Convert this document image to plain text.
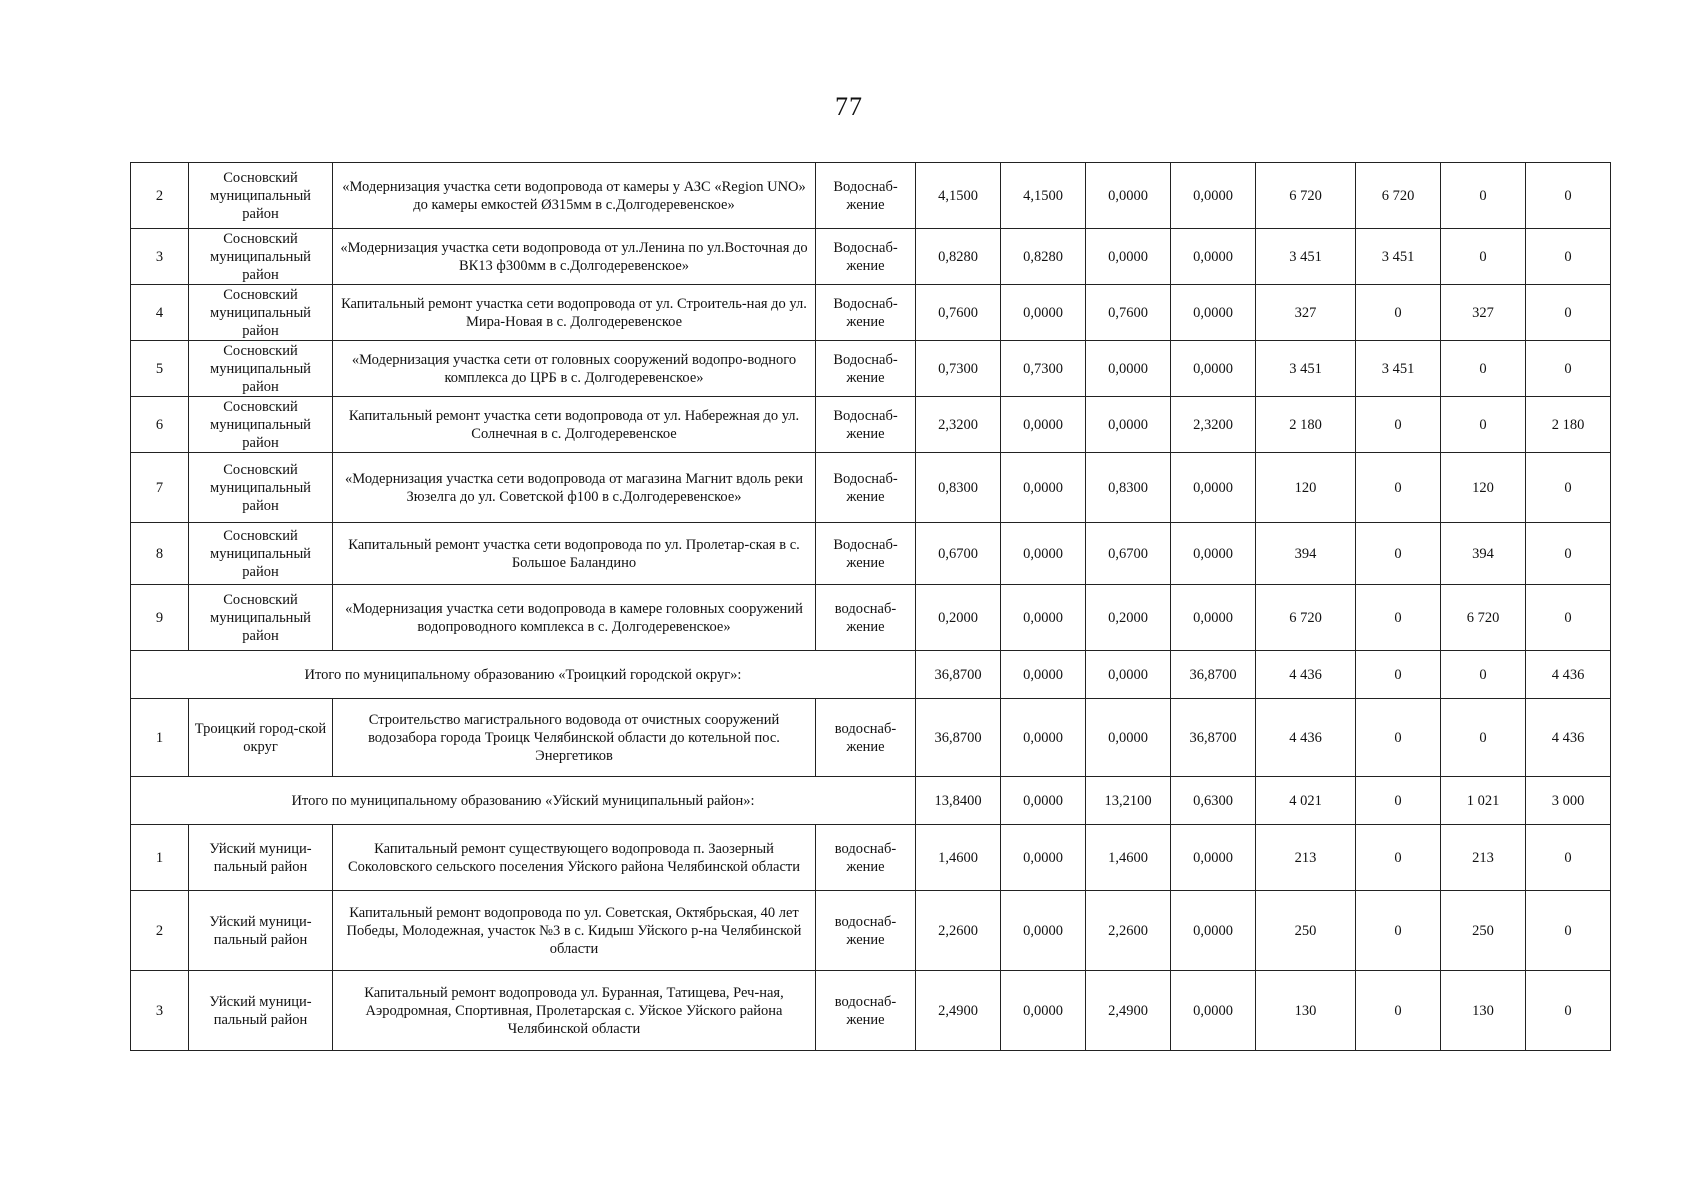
77
2	Сосновский муниципальный район	«Модернизация участка сети водопровода от камеры у АЗС «Region UNO» до камеры емкостей Ø315мм в с.Долгодеревенское»	Водоснаб-жение	4,1500	4,1500	0,0000	0,0000	6 720	6 720	0	0
3	Сосновский муниципальный район	«Модернизация участка сети водопровода от ул.Ленина по ул.Восточная до ВК13 ф300мм в с.Долгодеревенское»	Водоснаб-жение	0,8280	0,8280	0,0000	0,0000	3 451	3 451	0	0
4	Сосновский муниципальный район	Капитальный ремонт участка сети водопровода от ул. Строитель-ная до ул. Мира-Новая в с. Долгодеревенское	Водоснаб-жение	0,7600	0,0000	0,7600	0,0000	327	0	327	0
5	Сосновский муниципальный район	«Модернизация участка сети от головных сооружений водопро-водного комплекса до ЦРБ в с. Долгодеревенское»	Водоснаб-жение	0,7300	0,7300	0,0000	0,0000	3 451	3 451	0	0
6	Сосновский муниципальный район	Капитальный ремонт участка сети водопровода от ул. Набережная до ул. Солнечная в с. Долгодеревенское	Водоснаб-жение	2,3200	0,0000	0,0000	2,3200	2 180	0	0	2 180
7	Сосновский муниципальный район	«Модернизация участка сети водопровода от магазина Магнит вдоль реки Зюзелга до ул. Советской ф100 в с.Долгодеревенское»	Водоснаб-жение	0,8300	0,0000	0,8300	0,0000	120	0	120	0
8	Сосновский муниципальный район	Капитальный ремонт участка сети водопровода по ул. Пролетар-ская в с. Большое Баландино	Водоснаб-жение	0,6700	0,0000	0,6700	0,0000	394	0	394	0
9	Сосновский муниципальный район	«Модернизация участка сети водопровода в камере головных сооружений водопроводного комплекса в с. Долгодеревенское»	водоснаб-жение	0,2000	0,0000	0,2000	0,0000	6 720	0	6 720	0
Итого по муниципальному образованию «Троицкий городской округ»:				36,8700	0,0000	0,0000	36,8700	4 436	0	0	4 436
1	Троицкий город-ской округ	Строительство магистрального водовода от очистных сооружений водозабора города Троицк Челябинской области до котельной пос. Энергетиков	водоснаб-жение	36,8700	0,0000	0,0000	36,8700	4 436	0	0	4 436
Итого по муниципальному образованию «Уйский муниципальный район»:				13,8400	0,0000	13,2100	0,6300	4 021	0	1 021	3 000
1	Уйский муници-пальный район	Капитальный ремонт существующего водопровода п. Заозерный Соколовского сельского поселения Уйского района Челябинской области	водоснаб-жение	1,4600	0,0000	1,4600	0,0000	213	0	213	0
2	Уйский муници-пальный район	Капитальный ремонт водопровода по ул. Советская, Октябрьская, 40 лет Победы, Молодежная, участок №3 в с. Кидыш Уйского р-на Челябинской области	водоснаб-жение	2,2600	0,0000	2,2600	0,0000	250	0	250	0
3	Уйский муници-пальный район	Капитальный ремонт водопровода ул. Буранная, Татищева, Реч-ная, Аэродромная, Спортивная, Пролетарская с. Уйское Уйского района Челябинской области	водоснаб-жение	2,4900	0,0000	2,4900	0,0000	130	0	130	0
